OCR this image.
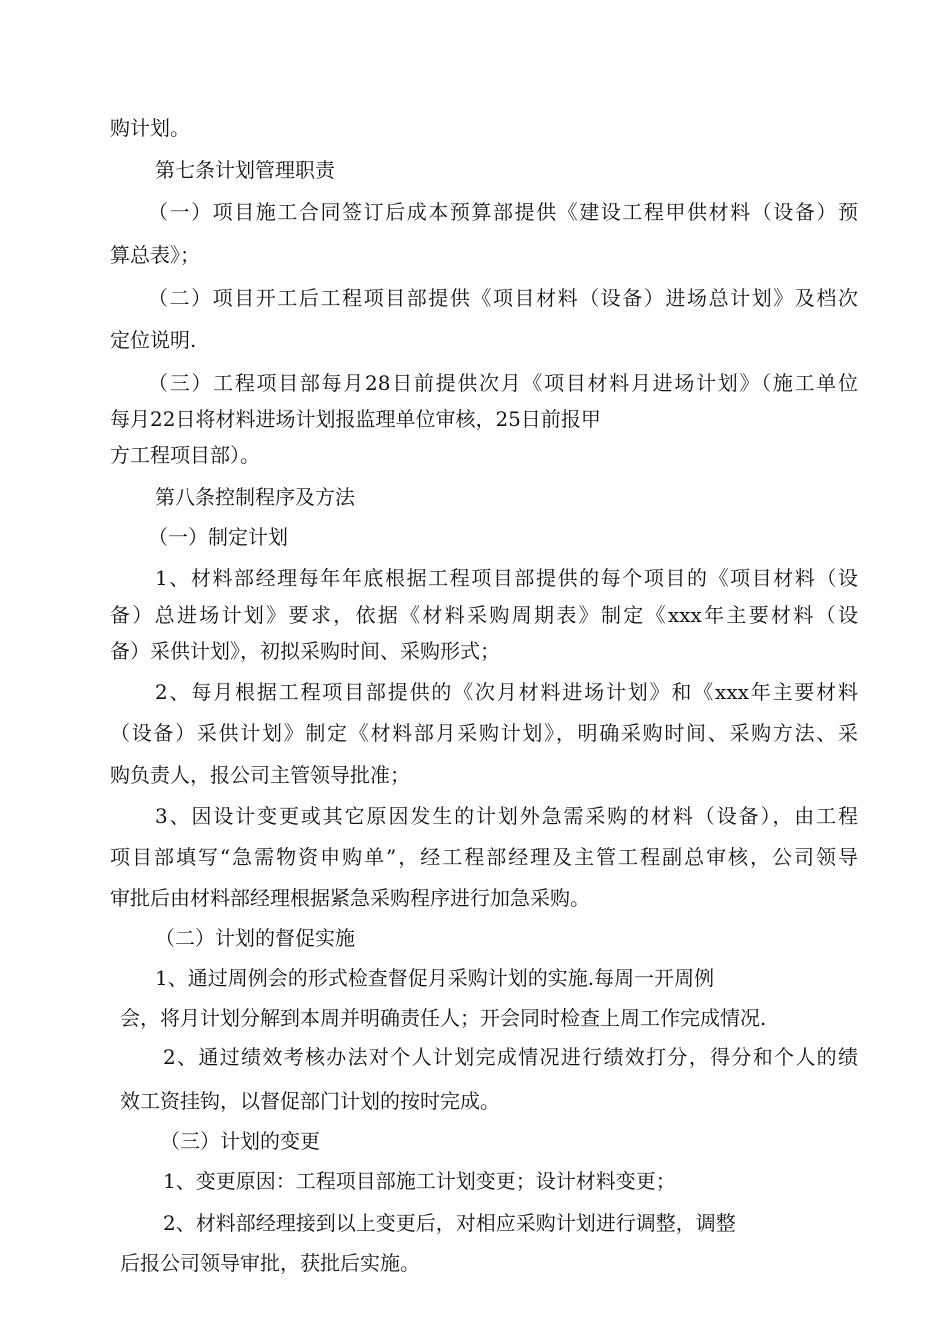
购计划。
第七条计划管理职责
（一）项目施工合同签订后成本预算部提供《建设工程甲供材料（设备）预
算总表》；
（二）项目开工后工程项目部提供《项目材料（设备）进场总计划》及档次
定位说明.
（三）工程项目部每月28日前提供次月《项目材料月进场计划》（施工单位
每月22日将材料进场计划报监理单位审核，25日前报甲
方工程项目部）。
第八条控制程序及方法
（一）制定计划
1、材料部经理每年年底根据工程项目部提供的每个项目的《项目材料（设
备）总进场计划》要求，依据《材料采购周期表》制定《xxx年主要材料（设
备）采供计划》，初拟采购时间、采购形式；
2、每月根据工程项目部提供的《次月材料进场计划》和《xxx年主要材料
（设备）采供计划》制定《材料部月采购计划》，明确采购时间、采购方法、采
购负责人，报公司主管领导批准；
3、因设计变更或其它原因发生的计划外急需采购的材料（设备），由工程
项目部填写“急需物资申购单”，经工程部经理及主管工程副总审核，公司领导
审批后由材料部经理根据紧急采购程序进行加急采购。
（二）计划的督促实施
1、通过周例会的形式检查督促月采购计划的实施.每周一开周例
会，将月计划分解到本周并明确责任人；开会同时检查上周工作完成情况.
2、通过绩效考核办法对个人计划完成情况进行绩效打分，得分和个人的绩
效工资挂钩，以督促部门计划的按时完成。
（三）计划的变更
1、变更原因：工程项目部施工计划变更；设计材料变更；
2、材料部经理接到以上变更后，对相应采购计划进行调整，调整
后报公司领导审批，获批后实施。
